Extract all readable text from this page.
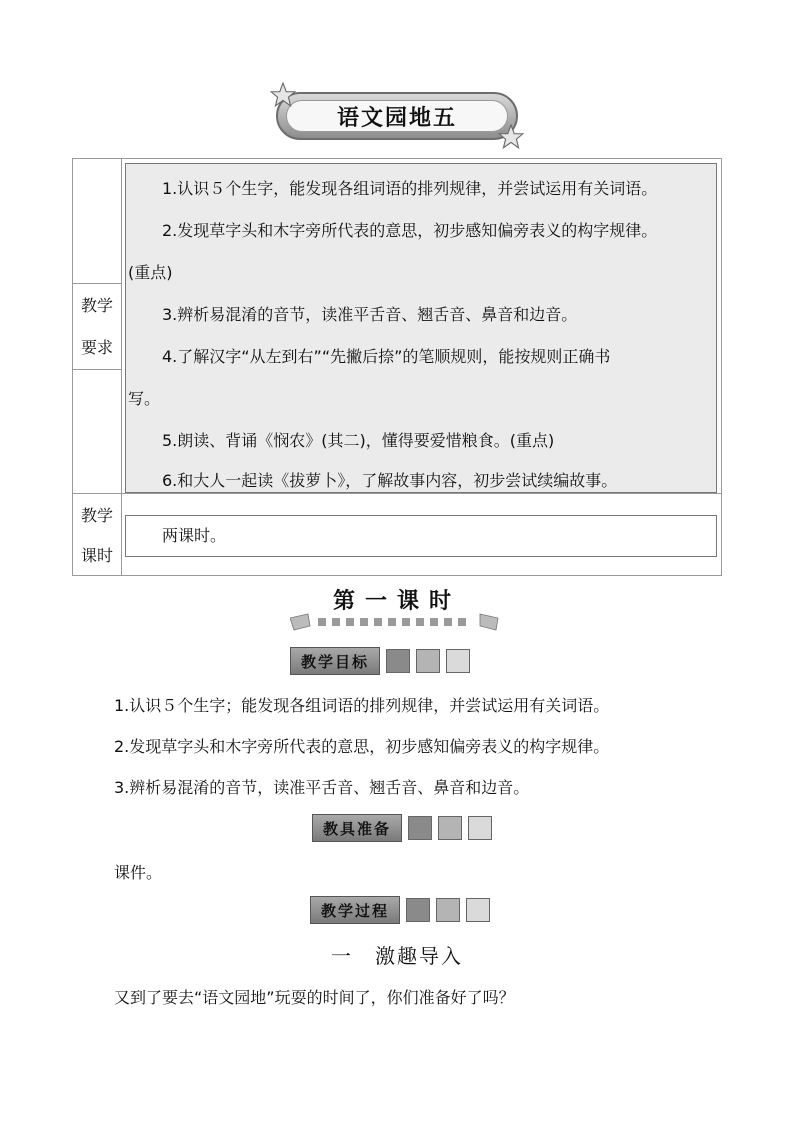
语文园地五
教学
要求
1.认识５个生字，能发现各组词语的排列规律，并尝试运用有关词语。
2.发现草字头和木字旁所代表的意思，初步感知偏旁表义的构字规律。
(重点)
3.辨析易混淆的音节，读准平舌音、翘舌音、鼻音和边音。
4.了解汉字“从左到右”“先撇后捺”的笔顺规则，能按规则正确书
写。
5.朗读、背诵《悯农》(其二)，懂得要爱惜粮食。(重点)
6.和大人一起读《拔萝卜》，了解故事内容，初步尝试续编故事。
教学
课时
两课时。
第一课时
教学目标
1.认识５个生字；能发现各组词语的排列规律，并尝试运用有关词语。
2.发现草字头和木字旁所代表的意思，初步感知偏旁表义的构字规律。
3.辨析易混淆的音节，读准平舌音、翘舌音、鼻音和边音。
教具准备
课件。
教学过程
一　激趣导入
又到了要去“语文园地”玩耍的时间了，你们准备好了吗？
